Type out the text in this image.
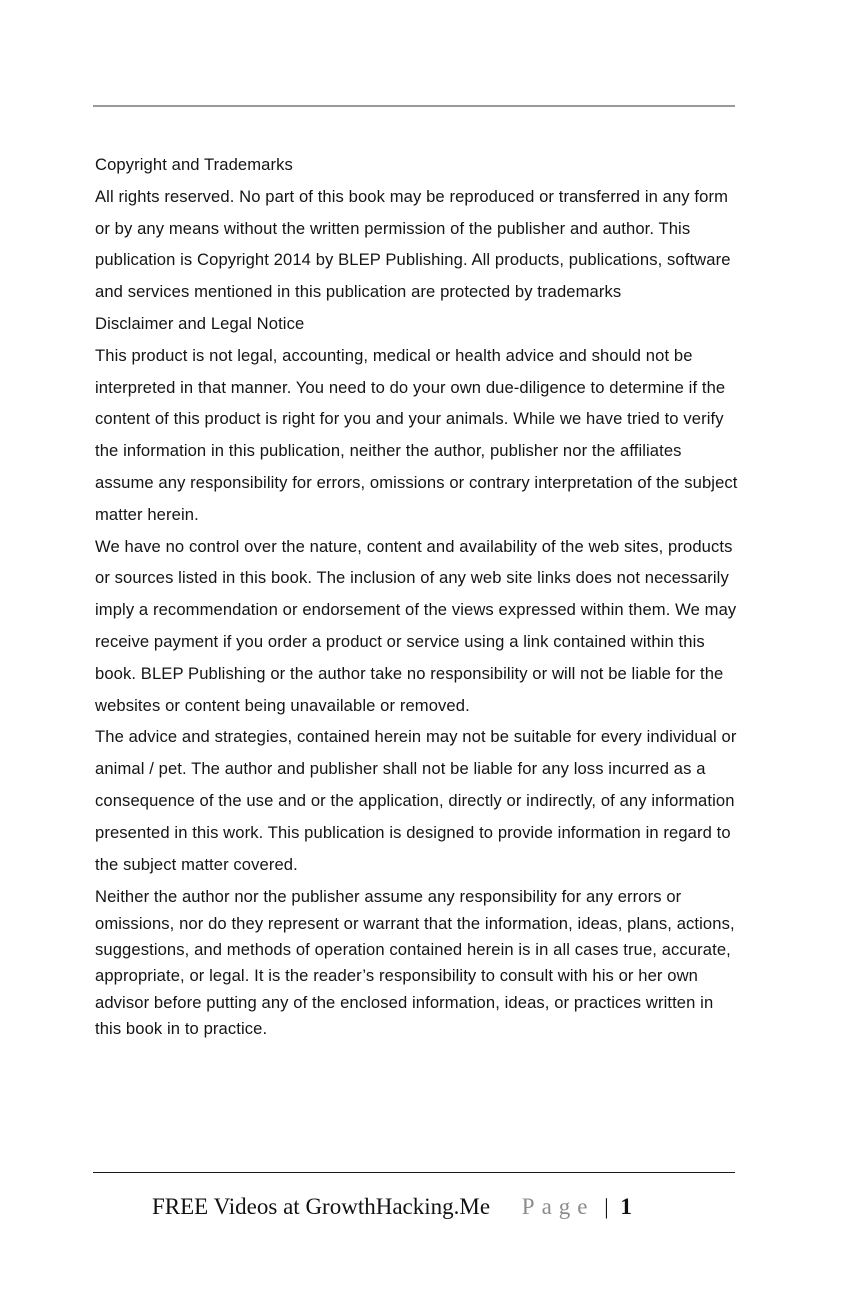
Copyright and Trademarks

All rights reserved. No part of this book may be reproduced or transferred in any form or by any means without the written permission of the publisher and author. This publication is Copyright 2014 by BLEP Publishing. All products, publications, software and services mentioned in this publication are protected by trademarks

Disclaimer and Legal Notice

This product is not legal, accounting, medical or health advice and should not be interpreted in that manner. You need to do your own due-diligence to determine if the content of this product is right for you and your animals. While we have tried to verify the information in this publication, neither the author, publisher nor the affiliates assume any responsibility for errors, omissions or contrary interpretation of the subject matter herein.

We have no control over the nature, content and availability of the web sites, products or sources listed in this book. The inclusion of any web site links does not necessarily imply a recommendation or endorsement of the views expressed within them. We may receive payment if you order a product or service using a link contained within this book. BLEP Publishing or the author take no responsibility or will not be liable for the websites or content being unavailable or removed.

The advice and strategies, contained herein may not be suitable for every individual or animal / pet. The author and publisher shall not be liable for any loss incurred as a consequence of the use and or the application, directly or indirectly, of any information presented in this work. This publication is designed to provide information in regard to the subject matter covered.

Neither the author nor the publisher assume any responsibility for any errors or omissions, nor do they represent or warrant that the information, ideas, plans, actions, suggestions, and methods of operation contained herein is in all cases true, accurate, appropriate, or legal. It is the reader’s responsibility to consult with his or her own advisor before putting any of the enclosed information, ideas, or practices written in this book in to practice.

FREE Videos at GrowthHacking.Me Page | 1
